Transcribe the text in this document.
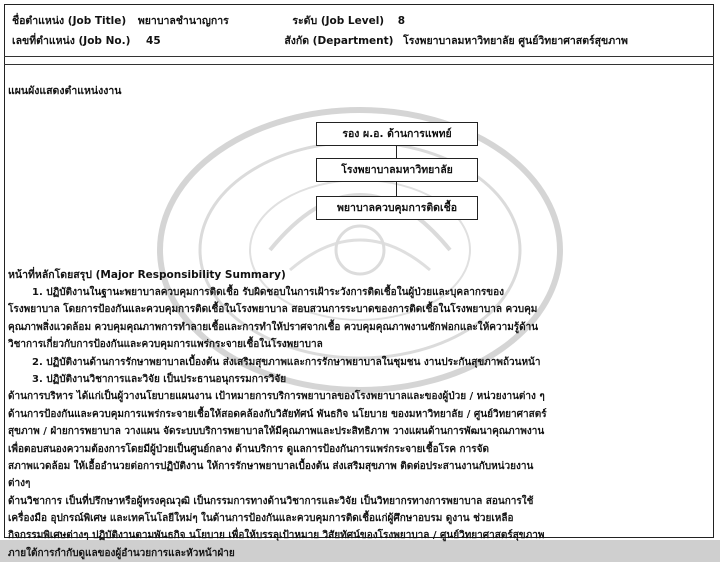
ชื่อตำแหน่ง (Job Title) พยาบาลชำนาญการ	ระดับ (Job Level) 8
เลขที่ตำแหน่ง (Job No.) 45	สังกัด (Department) โรงพยาบาลมหาวิทยาลัย ศูนย์วิทยาศาสตร์สุขภาพ
แผนผังแสดงตำแหน่งงาน
รอง ผ.อ. ด้านการแพทย์
โรงพยาบาลมหาวิทยาลัย
พยาบาลควบคุมการติดเชื้อ
หน้าที่หลักโดยสรุป (Major Responsibility Summary)
1. ปฏิบัติงานในฐานะพยาบาลควบคุมการติดเชื้อ รับผิดชอบในการเฝ้าระวังการติดเชื้อในผู้ป่วยและบุคลากรของ
โรงพยาบาล โดยการป้องกันและควบคุมการติดเชื้อในโรงพยาบาล สอบสวนการระบาดของการติดเชื้อในโรงพยาบาล ควบคุม
คุณภาพสิ่งแวดล้อม ควบคุมคุณภาพการทำลายเชื้อและการทำให้ปราศจากเชื้อ ควบคุมคุณภาพงานซักฟอกและให้ความรู้ด้าน
วิชาการเกี่ยวกับการป้องกันและควบคุมการแพร่กระจายเชื้อในโรงพยาบาล
2. ปฏิบัติงานด้านการรักษาพยาบาลเบื้องต้น ส่งเสริมสุขภาพและการรักษาพยาบาลในชุมชน งานประกันสุขภาพถ้วนหน้า
3. ปฏิบัติงานวิชาการและวิจัย เป็นประธานอนุกรรมการวิจัย
ด้านการบริหาร ได้แก่เป็นผู้วางนโยบายแผนงาน เป้าหมายการบริการพยาบาลของโรงพยาบาลและของผู้ป่วย / หน่วยงานต่าง ๆ
ด้านการป้องกันและควบคุมการแพร่กระจายเชื้อให้สอดคล้องกับวิสัยทัศน์ พันธกิจ นโยบาย ของมหาวิทยาลัย / ศูนย์วิทยาศาสตร์
สุขภาพ / ฝ่ายการพยาบาล วางแผน จัดระบบบริการพยาบาลให้มีคุณภาพและประสิทธิภาพ วางแผนด้านการพัฒนาคุณภาพงาน
เพื่อตอบสนองความต้องการโดยมีผู้ป่วยเป็นศูนย์กลาง ด้านบริการ ดูแลการป้องกันการแพร่กระจายเชื้อโรค การจัด
สภาพแวดล้อม ให้เอื้ออำนวยต่อการปฏิบัติงาน ให้การรักษาพยาบาลเบื้องต้น ส่งเสริมสุขภาพ ติดต่อประสานงานกับหน่วยงาน
ต่างๆ
ด้านวิชาการ เป็นที่ปรึกษาหรือผู้ทรงคุณวุฒิ เป็นกรรมการทางด้านวิชาการและวิจัย เป็นวิทยากรทางการพยาบาล สอนการใช้
เครื่องมือ อุปกรณ์พิเศษ และเทคโนโลยีใหม่ๆ ในด้านการป้องกันและควบคุมการติดเชื้อแก่ผู้ศึกษาอบรม ดูงาน ช่วยเหลือ
กิจกรรมพิเศษต่างๆ ปฏิบัติงานตามพันธกิจ นโยบาย เพื่อให้บรรลุเป้าหมาย วิสัยทัศน์ของโรงพยาบาล / ศูนย์วิทยาศาสตร์สุขภาพ
ภายใต้การกำกับดูแลของผู้อำนวยการและหัวหน้าฝ่าย
